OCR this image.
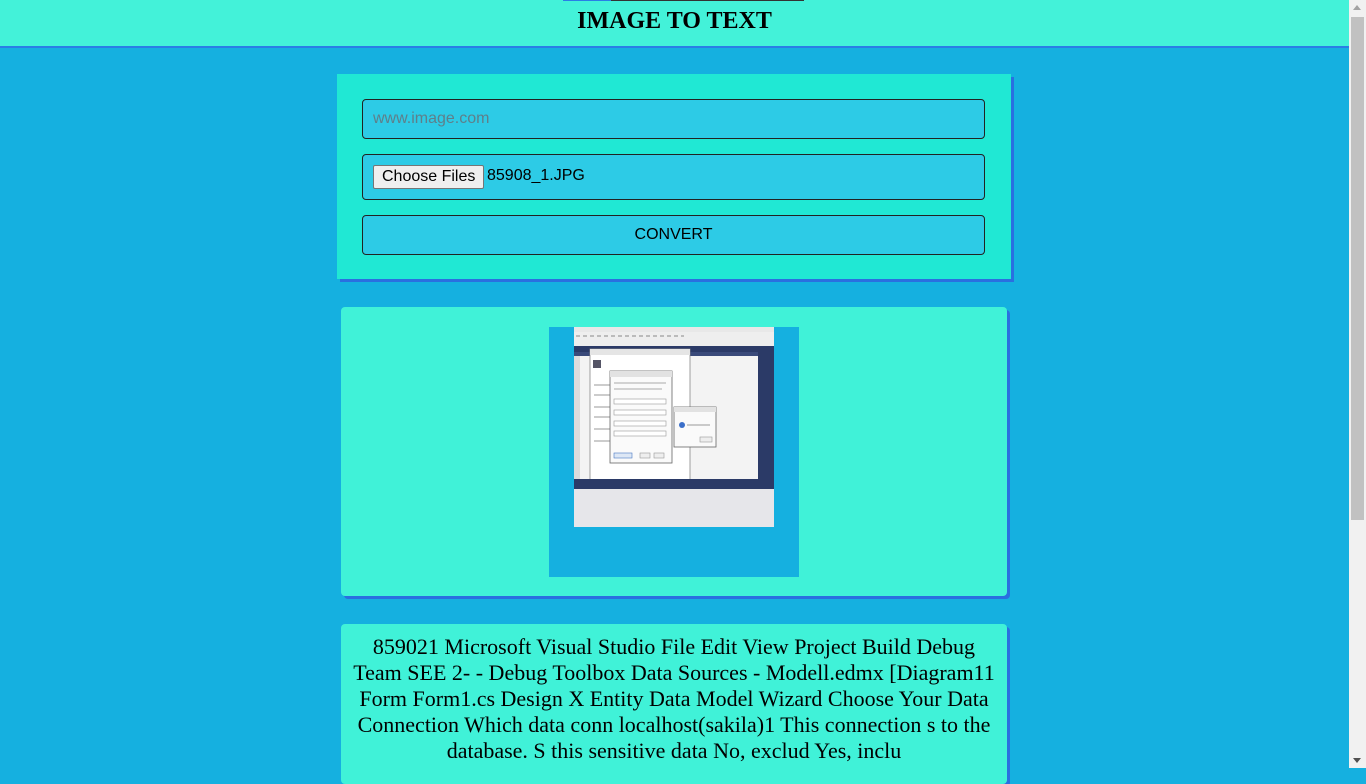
IMAGE TO TEXT
www.image.com
Choose Files 85908_1.JPG
CONVERT
859021 Microsoft Visual Studio File Edit View Project Build Debug Team SEE 2- - Debug Toolbox Data Sources - Modell.edmx [Diagram11 Form Form1.cs Design X Entity Data Model Wizard Choose Your Data Connection Which data conn localhost(sakila)1 This connection s to the database. S this sensitive data No, exclud Yes, inclu
